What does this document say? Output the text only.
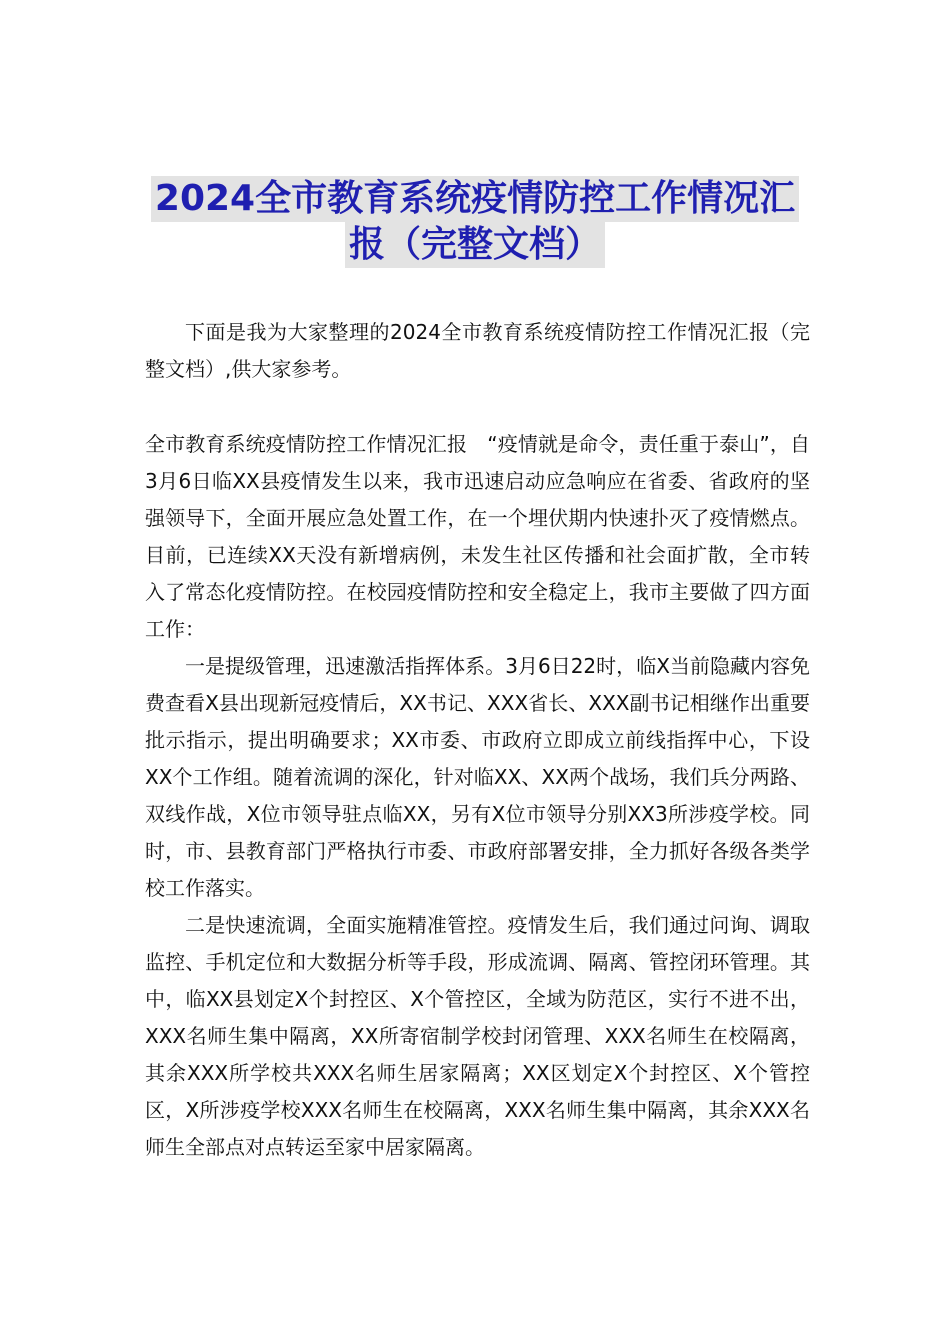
2024全市教育系统疫情防控工作情况汇
报（完整文档）

下面是我为大家整理的2024全市教育系统疫情防控工作情况汇报（完整文档）,供大家参考。

全市教育系统疫情防控工作情况汇报　“疫情就是命令，责任重于泰山”，自3月6日临XX县疫情发生以来，我市迅速启动应急响应在省委、省政府的坚强领导下，全面开展应急处置工作，在一个埋伏期内快速扑灭了疫情燃点。目前，已连续XX天没有新增病例，未发生社区传播和社会面扩散，全市转入了常态化疫情防控。在校园疫情防控和安全稳定上，我市主要做了四方面工作：

一是提级管理，迅速激活指挥体系。3月6日22时，临X当前隐藏内容免费查看X县出现新冠疫情后，XX书记、XXX省长、XXX副书记相继作出重要批示指示，提出明确要求；XX市委、市政府立即成立前线指挥中心，下设XX个工作组。随着流调的深化，针对临XX、XX两个战场，我们兵分两路、双线作战，X位市领导驻点临XX，另有X位市领导分别XX3所涉疫学校。同时，市、县教育部门严格执行市委、市政府部署安排，全力抓好各级各类学校工作落实。

二是快速流调，全面实施精准管控。疫情发生后，我们通过问询、调取监控、手机定位和大数据分析等手段，形成流调、隔离、管控闭环管理。其中，临XX县划定X个封控区、X个管控区，全域为防范区，实行不进不出，XXX名师生集中隔离，XX所寄宿制学校封闭管理、XXX名师生在校隔离，其余XXX所学校共XXX名师生居家隔离；XX区划定X个封控区、X个管控区，X所涉疫学校XXX名师生在校隔离，XXX名师生集中隔离，其余XXX名师生全部点对点转运至家中居家隔离。
